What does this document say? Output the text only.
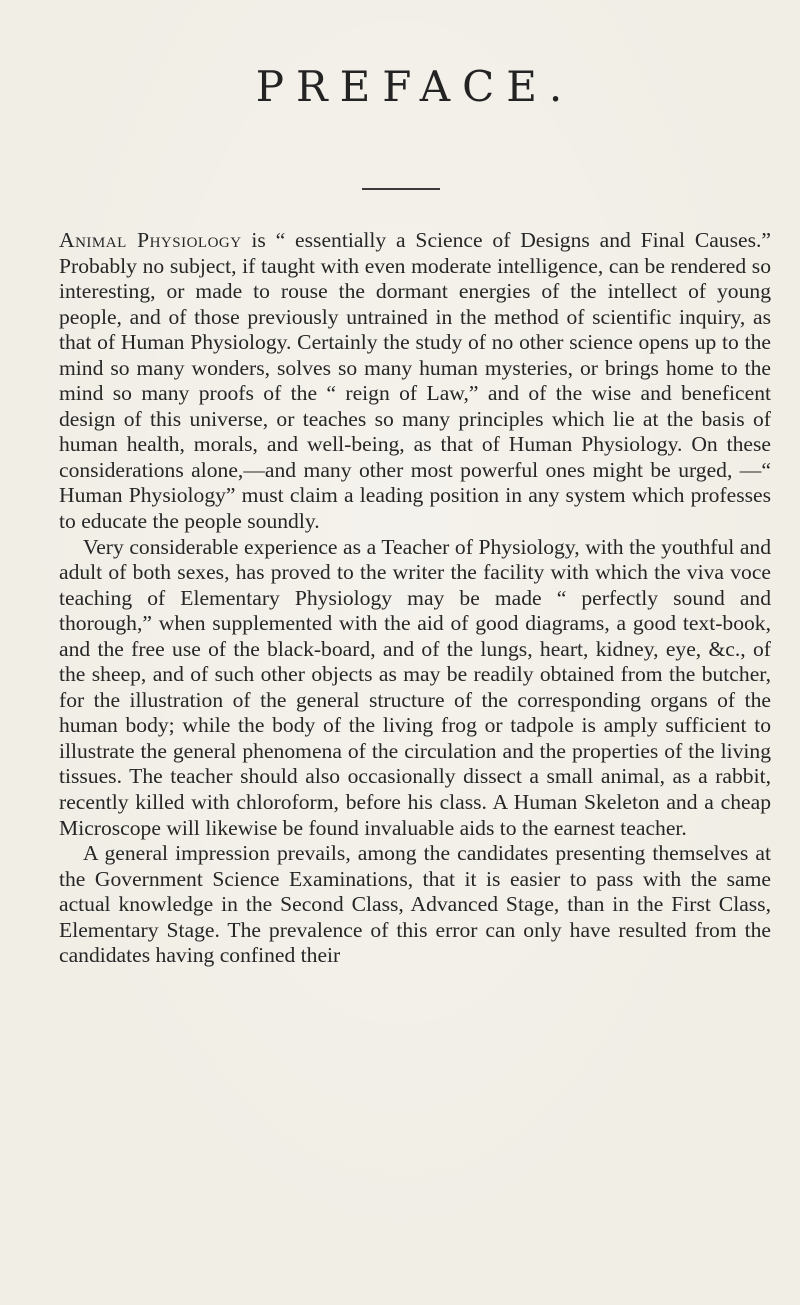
PREFACE.

Animal Physiology is “ essentially a Science of Designs and Final Causes.” Probably no subject, if taught with even moderate intelligence, can be rendered so interesting, or made to rouse the dormant energies of the intellect of young people, and of those previously untrained in the method of scientific inquiry, as that of Human Physiology. Certainly the study of no other science opens up to the mind so many wonders, solves so many human mysteries, or brings home to the mind so many proofs of the “ reign of Law,” and of the wise and beneficent design of this universe, or teaches so many principles which lie at the basis of human health, morals, and well-being, as that of Human Physiology. On these considerations alone,—and many other most powerful ones might be urged, —“ Human Physiology” must claim a leading position in any system which professes to educate the people soundly.

Very considerable experience as a Teacher of Physiology, with the youthful and adult of both sexes, has proved to the writer the facility with which the viva voce teaching of Elementary Physiology may be made “ perfectly sound and thorough,” when supplemented with the aid of good diagrams, a good text-book, and the free use of the black-board, and of the lungs, heart, kidney, eye, &c., of the sheep, and of such other objects as may be readily obtained from the butcher, for the illustration of the general structure of the corresponding organs of the human body; while the body of the living frog or tadpole is amply sufficient to illustrate the general phenomena of the circulation and the properties of the living tissues. The teacher should also occasionally dissect a small animal, as a rabbit, recently killed with chloroform, before his class. A Human Skeleton and a cheap Microscope will likewise be found invaluable aids to the earnest teacher.

A general impression prevails, among the candidates presenting themselves at the Government Science Examinations, that it is easier to pass with the same actual knowledge in the Second Class, Advanced Stage, than in the First Class, Elementary Stage. The prevalence of this error can only have resulted from the candidates having confined their
